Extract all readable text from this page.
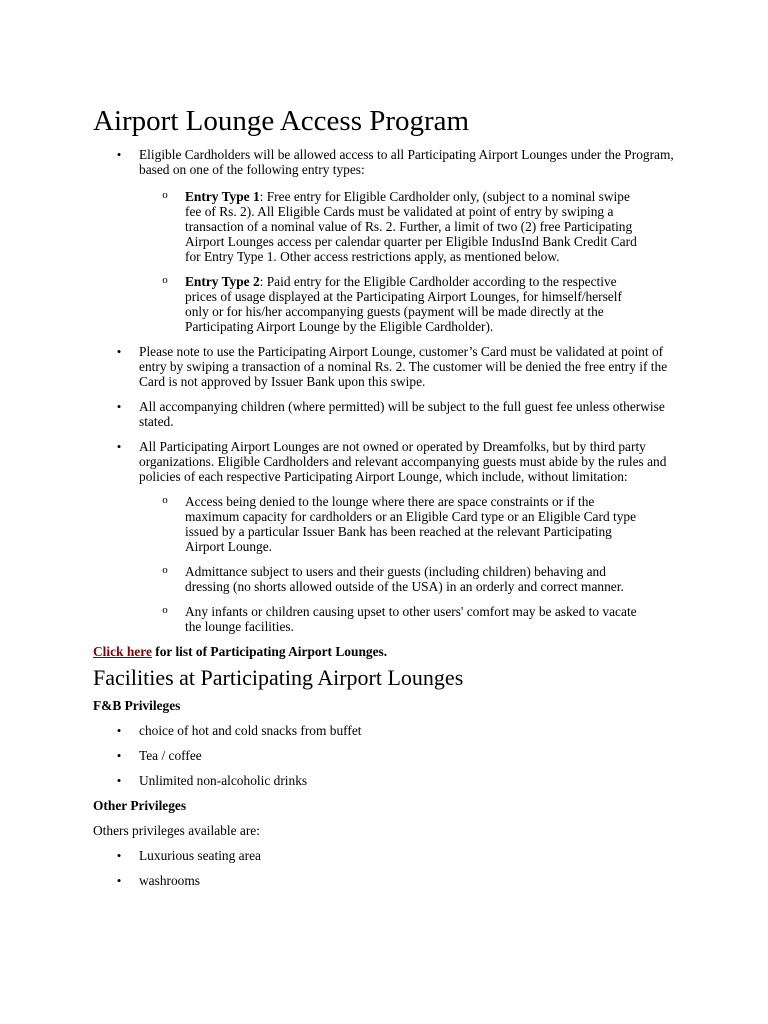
Airport Lounge Access Program
• Eligible Cardholders will be allowed access to all Participating Airport Lounges under the Program, based on one of the following entry types:
o Entry Type 1: Free entry for Eligible Cardholder only, (subject to a nominal swipe fee of Rs. 2). All Eligible Cards must be validated at point of entry by swiping a transaction of a nominal value of Rs. 2. Further, a limit of two (2) free Participating Airport Lounges access per calendar quarter per Eligible IndusInd Bank Credit Card for Entry Type 1. Other access restrictions apply, as mentioned below.
o Entry Type 2: Paid entry for the Eligible Cardholder according to the respective prices of usage displayed at the Participating Airport Lounges, for himself/herself only or for his/her accompanying guests (payment will be made directly at the Participating Airport Lounge by the Eligible Cardholder).
• Please note to use the Participating Airport Lounge, customer’s Card must be validated at point of entry by swiping a transaction of a nominal Rs. 2. The customer will be denied the free entry if the Card is not approved by Issuer Bank upon this swipe.
• All accompanying children (where permitted) will be subject to the full guest fee unless otherwise stated.
• All Participating Airport Lounges are not owned or operated by Dreamfolks, but by third party organizations. Eligible Cardholders and relevant accompanying guests must abide by the rules and policies of each respective Participating Airport Lounge, which include, without limitation:
o Access being denied to the lounge where there are space constraints or if the maximum capacity for cardholders or an Eligible Card type or an Eligible Card type issued by a particular Issuer Bank has been reached at the relevant Participating Airport Lounge.
o Admittance subject to users and their guests (including children) behaving and dressing (no shorts allowed outside of the USA) in an orderly and correct manner.
o Any infants or children causing upset to other users' comfort may be asked to vacate the lounge facilities.
Click here for list of Participating Airport Lounges.
Facilities at Participating Airport Lounges
F&B Privileges
• choice of hot and cold snacks from buffet
• Tea / coffee
• Unlimited non-alcoholic drinks
Other Privileges
Others privileges available are:
• Luxurious seating area
• washrooms
